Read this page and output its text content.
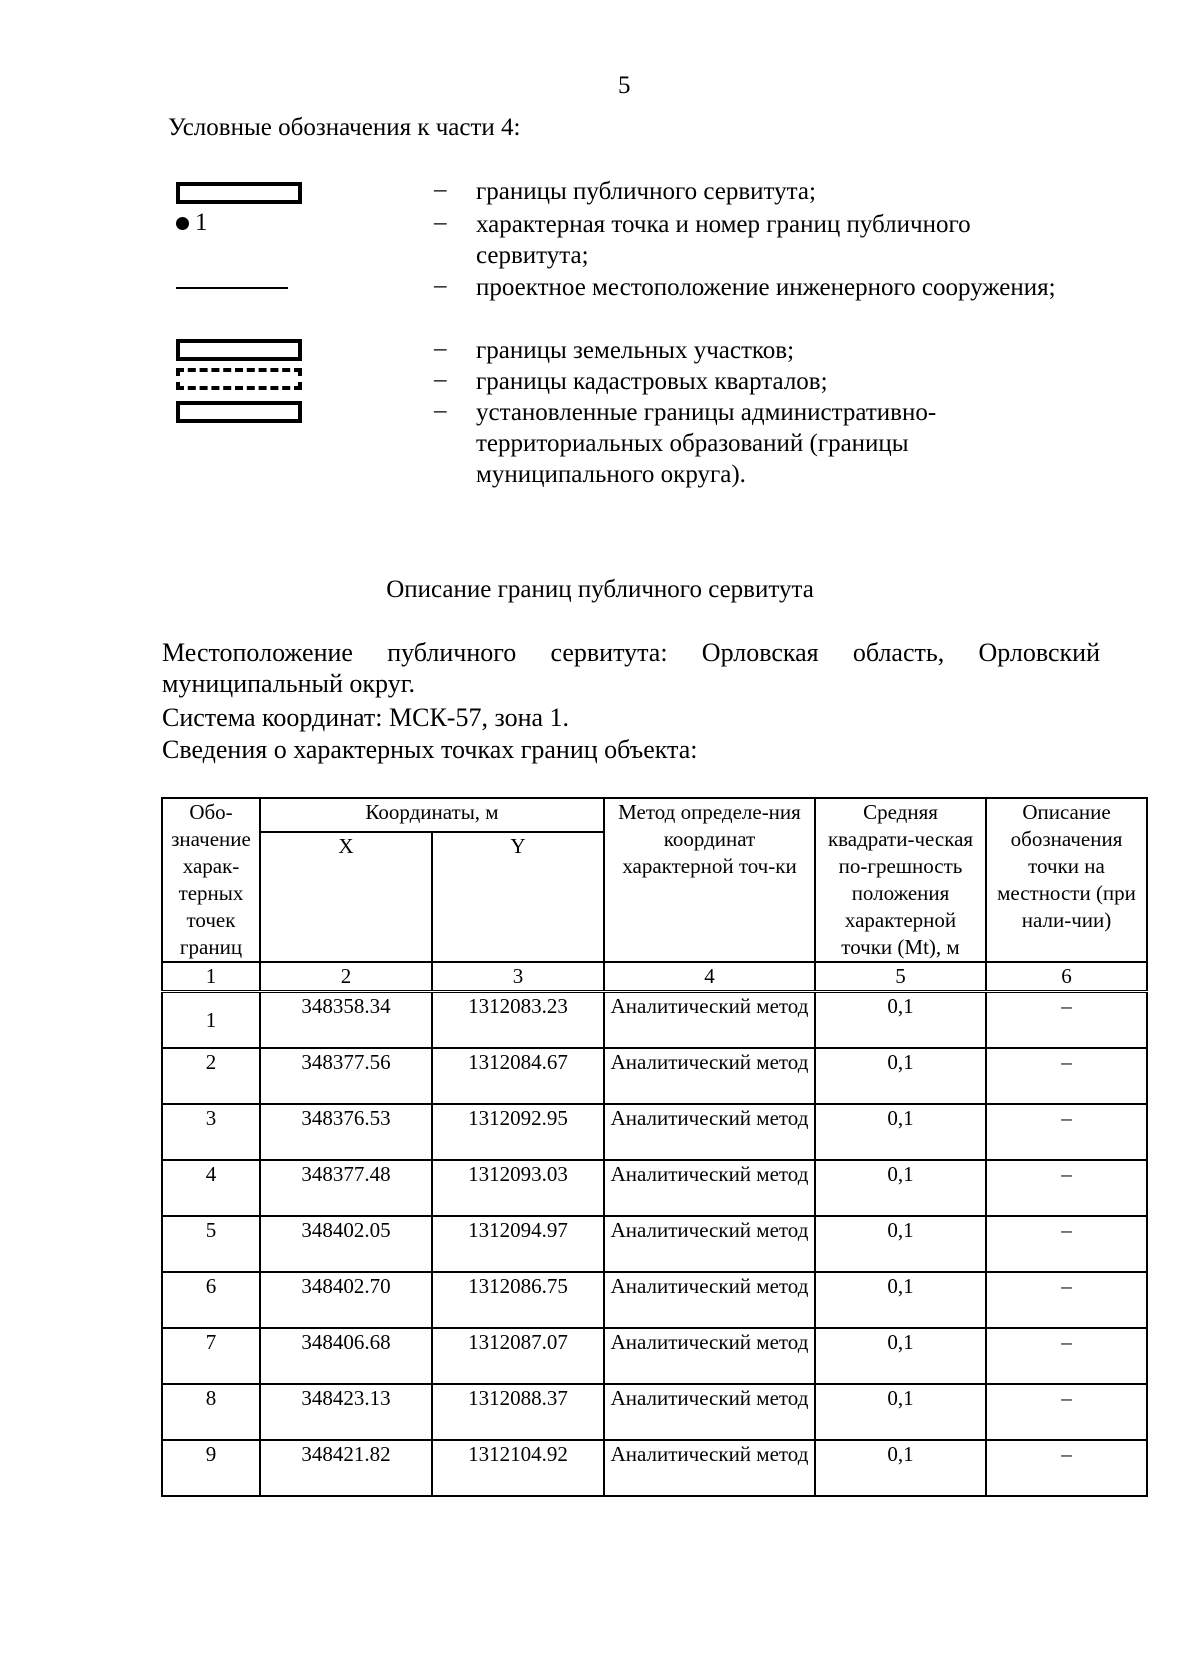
5
Условные обозначения к части 4:
– границы публичного сервитута;
1	– характерная точка и номер границ публичного сервитута;
– проектное местоположение инженерного сооружения;
– границы земельных участков;
– границы кадастровых кварталов;
– установленные границы административно-территориальных образований (границы муниципального округа).
Описание границ публичного сервитута
Местоположение публичного сервитута: Орловская область, Орловский муниципальный округ.
Система координат: МСК-57, зона 1.
Сведения о характерных точках границ объекта:
Обо-значение харак-терных точек границ	Координаты, м		Метод определе-ния координат характерной точ-ки	Средняя квадрати-ческая по-грешность положения характерной точки (Mt), м	Описание обозначения точки на местности (при нали-чии)
	X	Y			
1	2	3	4	5	6
1	348358.34	1312083.23	Аналитический метод	0,1	–
2	348377.56	1312084.67	Аналитический метод	0,1	–
3	348376.53	1312092.95	Аналитический метод	0,1	–
4	348377.48	1312093.03	Аналитический метод	0,1	–
5	348402.05	1312094.97	Аналитический метод	0,1	–
6	348402.70	1312086.75	Аналитический метод	0,1	–
7	348406.68	1312087.07	Аналитический метод	0,1	–
8	348423.13	1312088.37	Аналитический метод	0,1	–
9	348421.82	1312104.92	Аналитический метод	0,1	–
